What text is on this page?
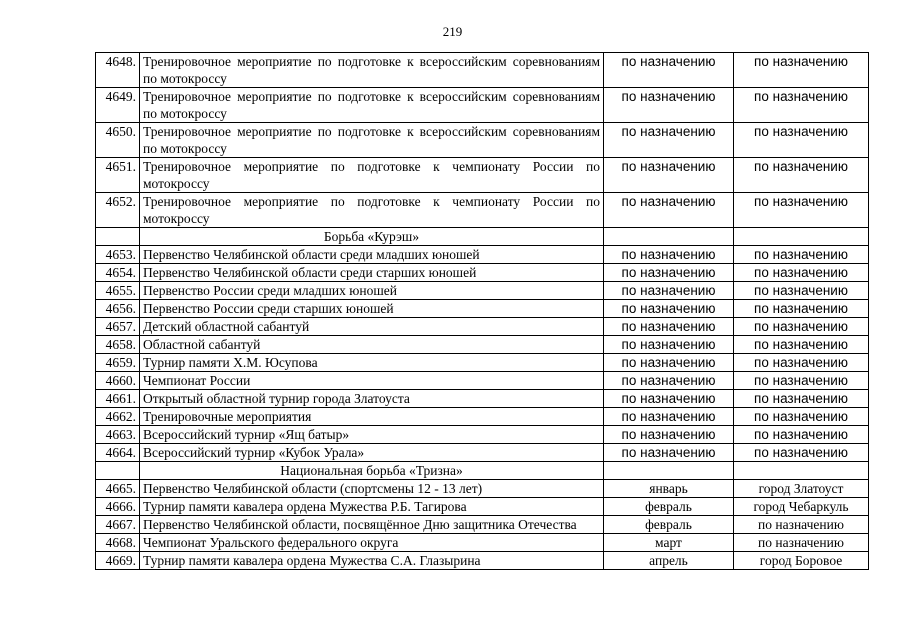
219
4648.	Тренировочное мероприятие по подготовке к всероссийским соревнованиям по мотокроссу	по назначению	по назначению
4649.	Тренировочное мероприятие по подготовке к всероссийским соревнованиям по мотокроссу	по назначению	по назначению
4650.	Тренировочное мероприятие по подготовке к всероссийским соревнованиям по мотокроссу	по назначению	по назначению
4651.	Тренировочное мероприятие по подготовке к чемпионату России по мотокроссу	по назначению	по назначению
4652.	Тренировочное мероприятие по подготовке к чемпионату России по мотокроссу	по назначению	по назначению
	Борьба «Курэш»		
4653.	Первенство Челябинской области среди младших юношей	по назначению	по назначению
4654.	Первенство Челябинской области среди старших юношей	по назначению	по назначению
4655.	Первенство России среди младших юношей	по назначению	по назначению
4656.	Первенство России среди старших юношей	по назначению	по назначению
4657.	Детский областной сабантуй	по назначению	по назначению
4658.	Областной сабантуй	по назначению	по назначению
4659.	Турнир памяти Х.М. Юсупова	по назначению	по назначению
4660.	Чемпионат России	по назначению	по назначению
4661.	Открытый областной турнир города Златоуста	по назначению	по назначению
4662.	Тренировочные мероприятия	по назначению	по назначению
4663.	Всероссийский турнир «Ящ батыр»	по назначению	по назначению
4664.	Всероссийский турнир «Кубок Урала»	по назначению	по назначению
	Национальная борьба «Тризна»		
4665.	Первенство Челябинской области (спортсмены 12 - 13 лет)	январь	город Златоуст
4666.	Турнир памяти кавалера ордена Мужества Р.Б. Тагирова	февраль	город Чебаркуль
4667.	Первенство Челябинской области, посвящённое Дню защитника Отечества	февраль	по назначению
4668.	Чемпионат Уральского федерального округа	март	по назначению
4669.	Турнир памяти кавалера ордена Мужества С.А. Глазырина	апрель	город Боровое
